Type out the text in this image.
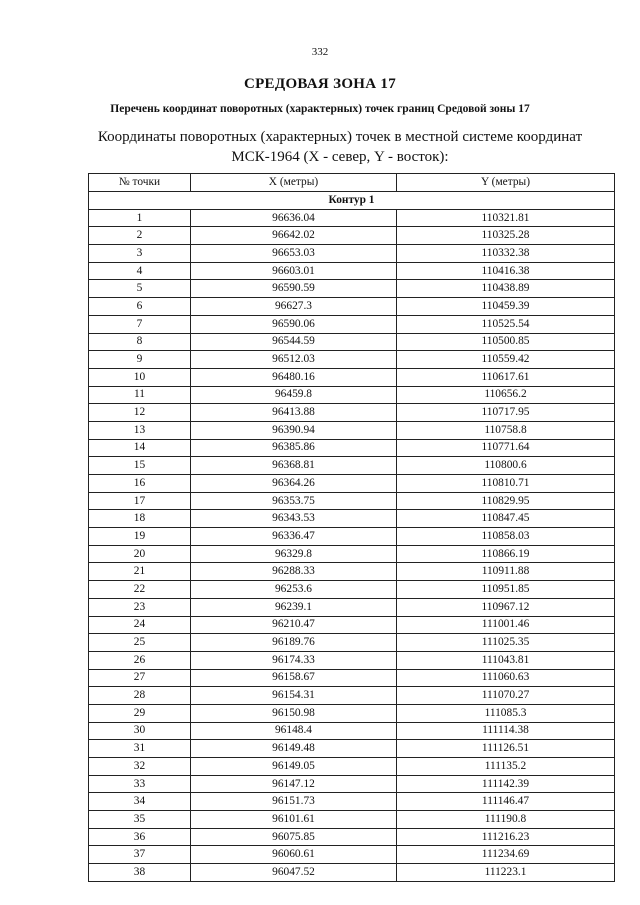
332
СРЕДОВАЯ ЗОНА 17
Перечень координат поворотных (характерных) точек границ Средовой зоны 17
Координаты поворотных (характерных) точек в местной системе координат
МСК-1964 (X - север, Y - восток):
№ точки	X (метры)	Y (метры)
Контур 1		
1	96636.04	110321.81
2	96642.02	110325.28
3	96653.03	110332.38
4	96603.01	110416.38
5	96590.59	110438.89
6	96627.3	110459.39
7	96590.06	110525.54
8	96544.59	110500.85
9	96512.03	110559.42
10	96480.16	110617.61
11	96459.8	110656.2
12	96413.88	110717.95
13	96390.94	110758.8
14	96385.86	110771.64
15	96368.81	110800.6
16	96364.26	110810.71
17	96353.75	110829.95
18	96343.53	110847.45
19	96336.47	110858.03
20	96329.8	110866.19
21	96288.33	110911.88
22	96253.6	110951.85
23	96239.1	110967.12
24	96210.47	111001.46
25	96189.76	111025.35
26	96174.33	111043.81
27	96158.67	111060.63
28	96154.31	111070.27
29	96150.98	111085.3
30	96148.4	111114.38
31	96149.48	111126.51
32	96149.05	111135.2
33	96147.12	111142.39
34	96151.73	111146.47
35	96101.61	111190.8
36	96075.85	111216.23
37	96060.61	111234.69
38	96047.52	111223.1
